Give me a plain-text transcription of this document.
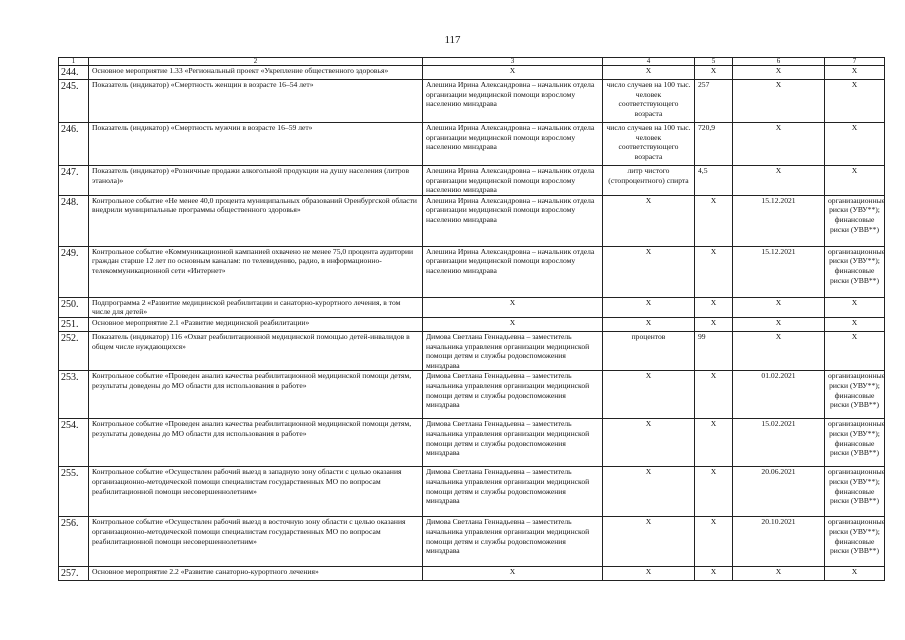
117
1	2	3	4	5	6	7
244.	Основное мероприятие 1.33 «Региональный проект «Укрепление общественного здоровья»	Х	Х	Х	Х	Х
245.	Показатель (индикатор) «Смертность женщин в возрасте 16–54 лет»	Алешина Ирина Александровна – начальник отдела организации медицинской помощи взрослому населению минздрава	число случаев на 100 тыс. человек соответствующего возраста	257	Х	Х
246.	Показатель (индикатор) «Смертность мужчин в возрасте 16–59 лет»	Алешина Ирина Александровна – начальник отдела организации медицинской помощи взрослому населению минздрава	число случаев на 100 тыс. человек соответствующего возраста	720,9	Х	Х
247.	Показатель (индикатор) «Розничные продажи алкогольной продукции на душу населения (литров этанола)»	Алешина Ирина Александровна – начальник отдела организации медицинской помощи взрослому населению минздрава	литр чистого (стопроцентного) спирта	4,5	Х	Х
248.	Контрольное событие «Не менее 40,0 процента муниципальных образований Оренбургской области внедрили муниципальные программы общественного здоровья»	Алешина Ирина Александровна – начальник отдела организации медицинской помощи взрослому населению минздрава	Х	Х	15.12.2021	организационные риски (УВУ**); финансовые риски (УВВ**)
249.	Контрольное событие «Коммуникационной кампанией охвачено не менее 75,0 процента аудитории граждан старше 12 лет по основным каналам: по телевидению, радио, в информационно-телекоммуникационной сети «Интернет»	Алешина Ирина Александровна – начальник отдела организации медицинской помощи взрослому населению минздрава	Х	Х	15.12.2021	организационные риски (УВУ**); финансовые риски (УВВ**)
250.	Подпрограмма 2 «Развитие медицинской реабилитации и санаторно-курортного лечения, в том числе для детей»	Х	Х	Х	Х	Х
251.	Основное мероприятие 2.1 «Развитие медицинской реабилитации»	Х	Х	Х	Х	Х
252.	Показатель (индикатор) 116 «Охват реабилитационной медицинской помощью детей-инвалидов в общем числе нуждающихся»	Димова Светлана Геннадьевна – заместитель начальника управления организации медицинской помощи детям и службы родовспоможения минздрава	процентов	99	Х	Х
253.	Контрольное событие «Проведен анализ качества реабилитационной медицинской помощи детям, результаты доведены до МО области для использования в работе»	Димова Светлана Геннадьевна – заместитель начальника управления организации медицинской помощи детям и службы родовспоможения минздрава	Х	Х	01.02.2021	организационные риски (УВУ**); финансовые риски (УВВ**)
254.	Контрольное событие «Проведен анализ качества реабилитационной медицинской помощи детям, результаты доведены до МО области для использования в работе»	Димова Светлана Геннадьевна – заместитель начальника управления организации медицинской помощи детям и службы родовспоможения минздрава	Х	Х	15.02.2021	организационные риски (УВУ**); финансовые риски (УВВ**)
255.	Контрольное событие «Осуществлен рабочий выезд в западную зону области с целью оказания организационно-методической помощи специалистам государственных МО по вопросам реабилитационной помощи несовершеннолетним»	Димова Светлана Геннадьевна – заместитель начальника управления организации медицинской помощи детям и службы родовспоможения минздрава	Х	Х	20.06.2021	организационные риски (УВУ**); финансовые риски (УВВ**)
256.	Контрольное событие «Осуществлен рабочий выезд в восточную зону области с целью оказания организационно-методической помощи специалистам государственных МО по вопросам реабилитационной помощи несовершеннолетним»	Димова Светлана Геннадьевна – заместитель начальника управления организации медицинской помощи детям и службы родовспоможения минздрава	Х	Х	20.10.2021	организационные риски (УВУ**); финансовые риски (УВВ**)
257.	Основное мероприятие 2.2 «Развитие санаторно-курортного лечения»	Х	Х	Х	Х	Х
